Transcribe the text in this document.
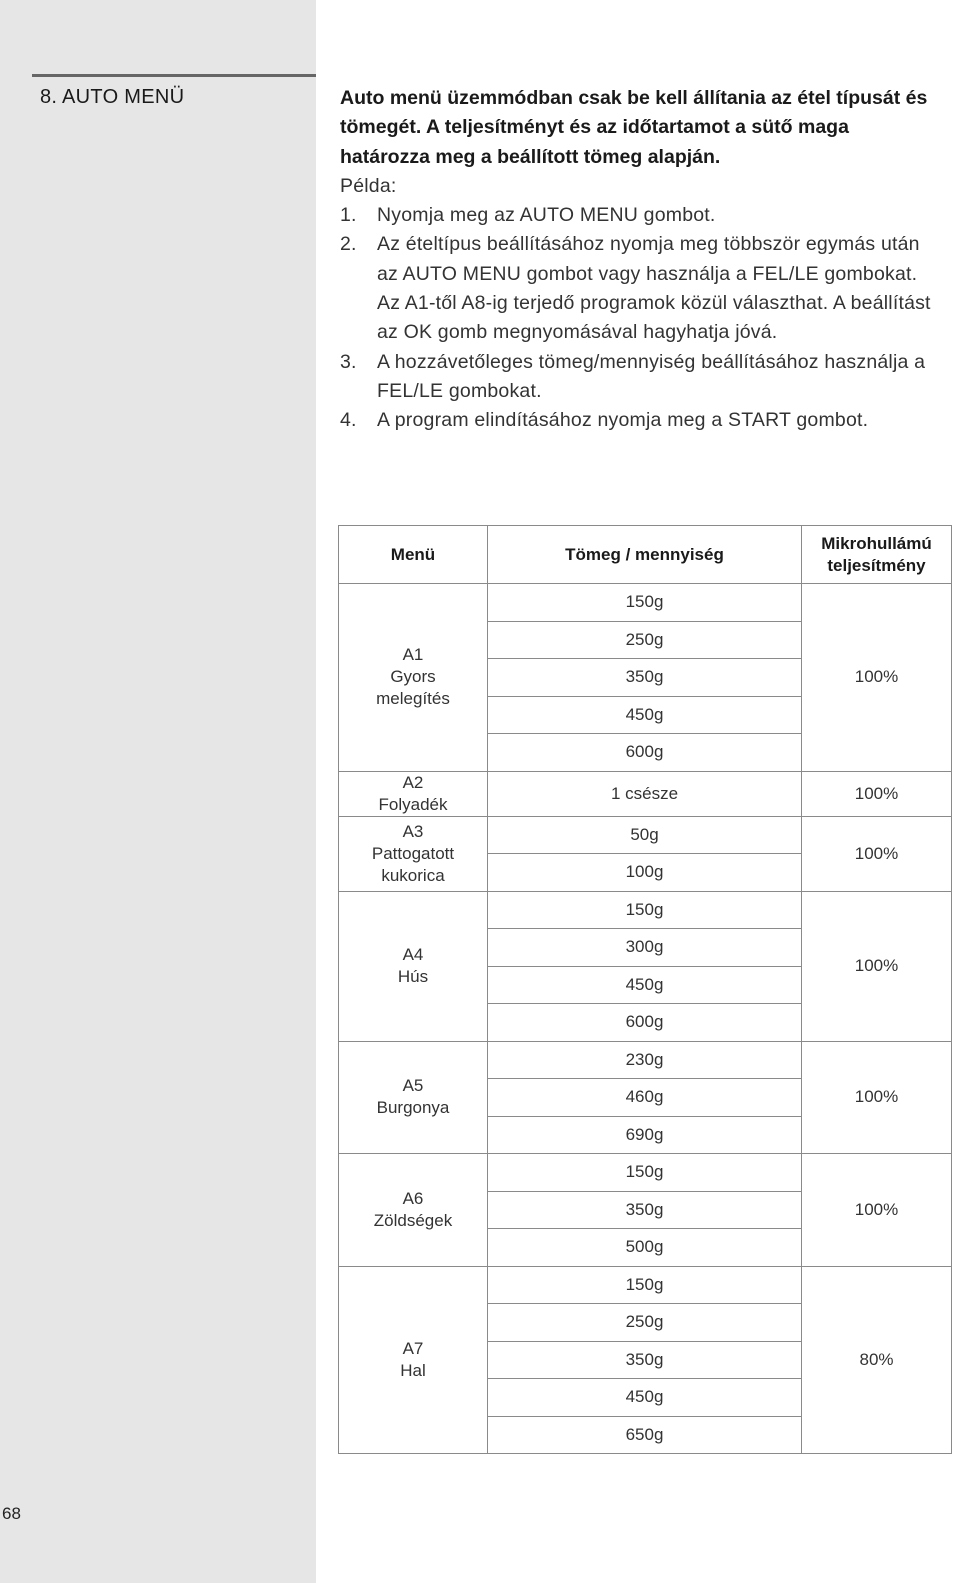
8. AUTO MENÜ
68

Auto menü üzemmódban csak be kell állítania az étel típusát és tömegét. A teljesítményt és az időtartamot a sütő maga határozza meg a beállított tömeg alapján.

Példa:
1.	Nyomja meg az AUTO MENU gombot.
2.	Az ételtípus beállításához nyomja meg többször egymás után az AUTO MENU gombot vagy használja a FEL/LE gombokat. Az A1-től A8-ig terjedő programok közül választhat. A beállítást az OK gomb megnyomásával hagyhatja jóvá.
3.	A hozzávetőleges tömeg/mennyiség beállításához használja a FEL/LE gombokat.
4.	A program elindításához nyomja meg a START gombot.
Menü	Tömeg / mennyiség	Mikrohullámú teljesítmény

A1
Gyors
melegítés	150g	100%
	250g	
	350g	
	450g	
	600g	

A2
Folyadék	1 csésze	100%

A3
Pattogatott
kukorica	50g	100%
	100g	

A4
Hús	150g	100%
	300g	
	450g	
	600g	

A5
Burgonya	230g	100%
	460g	
	690g	

A6
Zöldségek	150g	100%
	350g	
	500g	

A7
Hal	150g	80%
	250g	
	350g	
	450g	
	650g	
